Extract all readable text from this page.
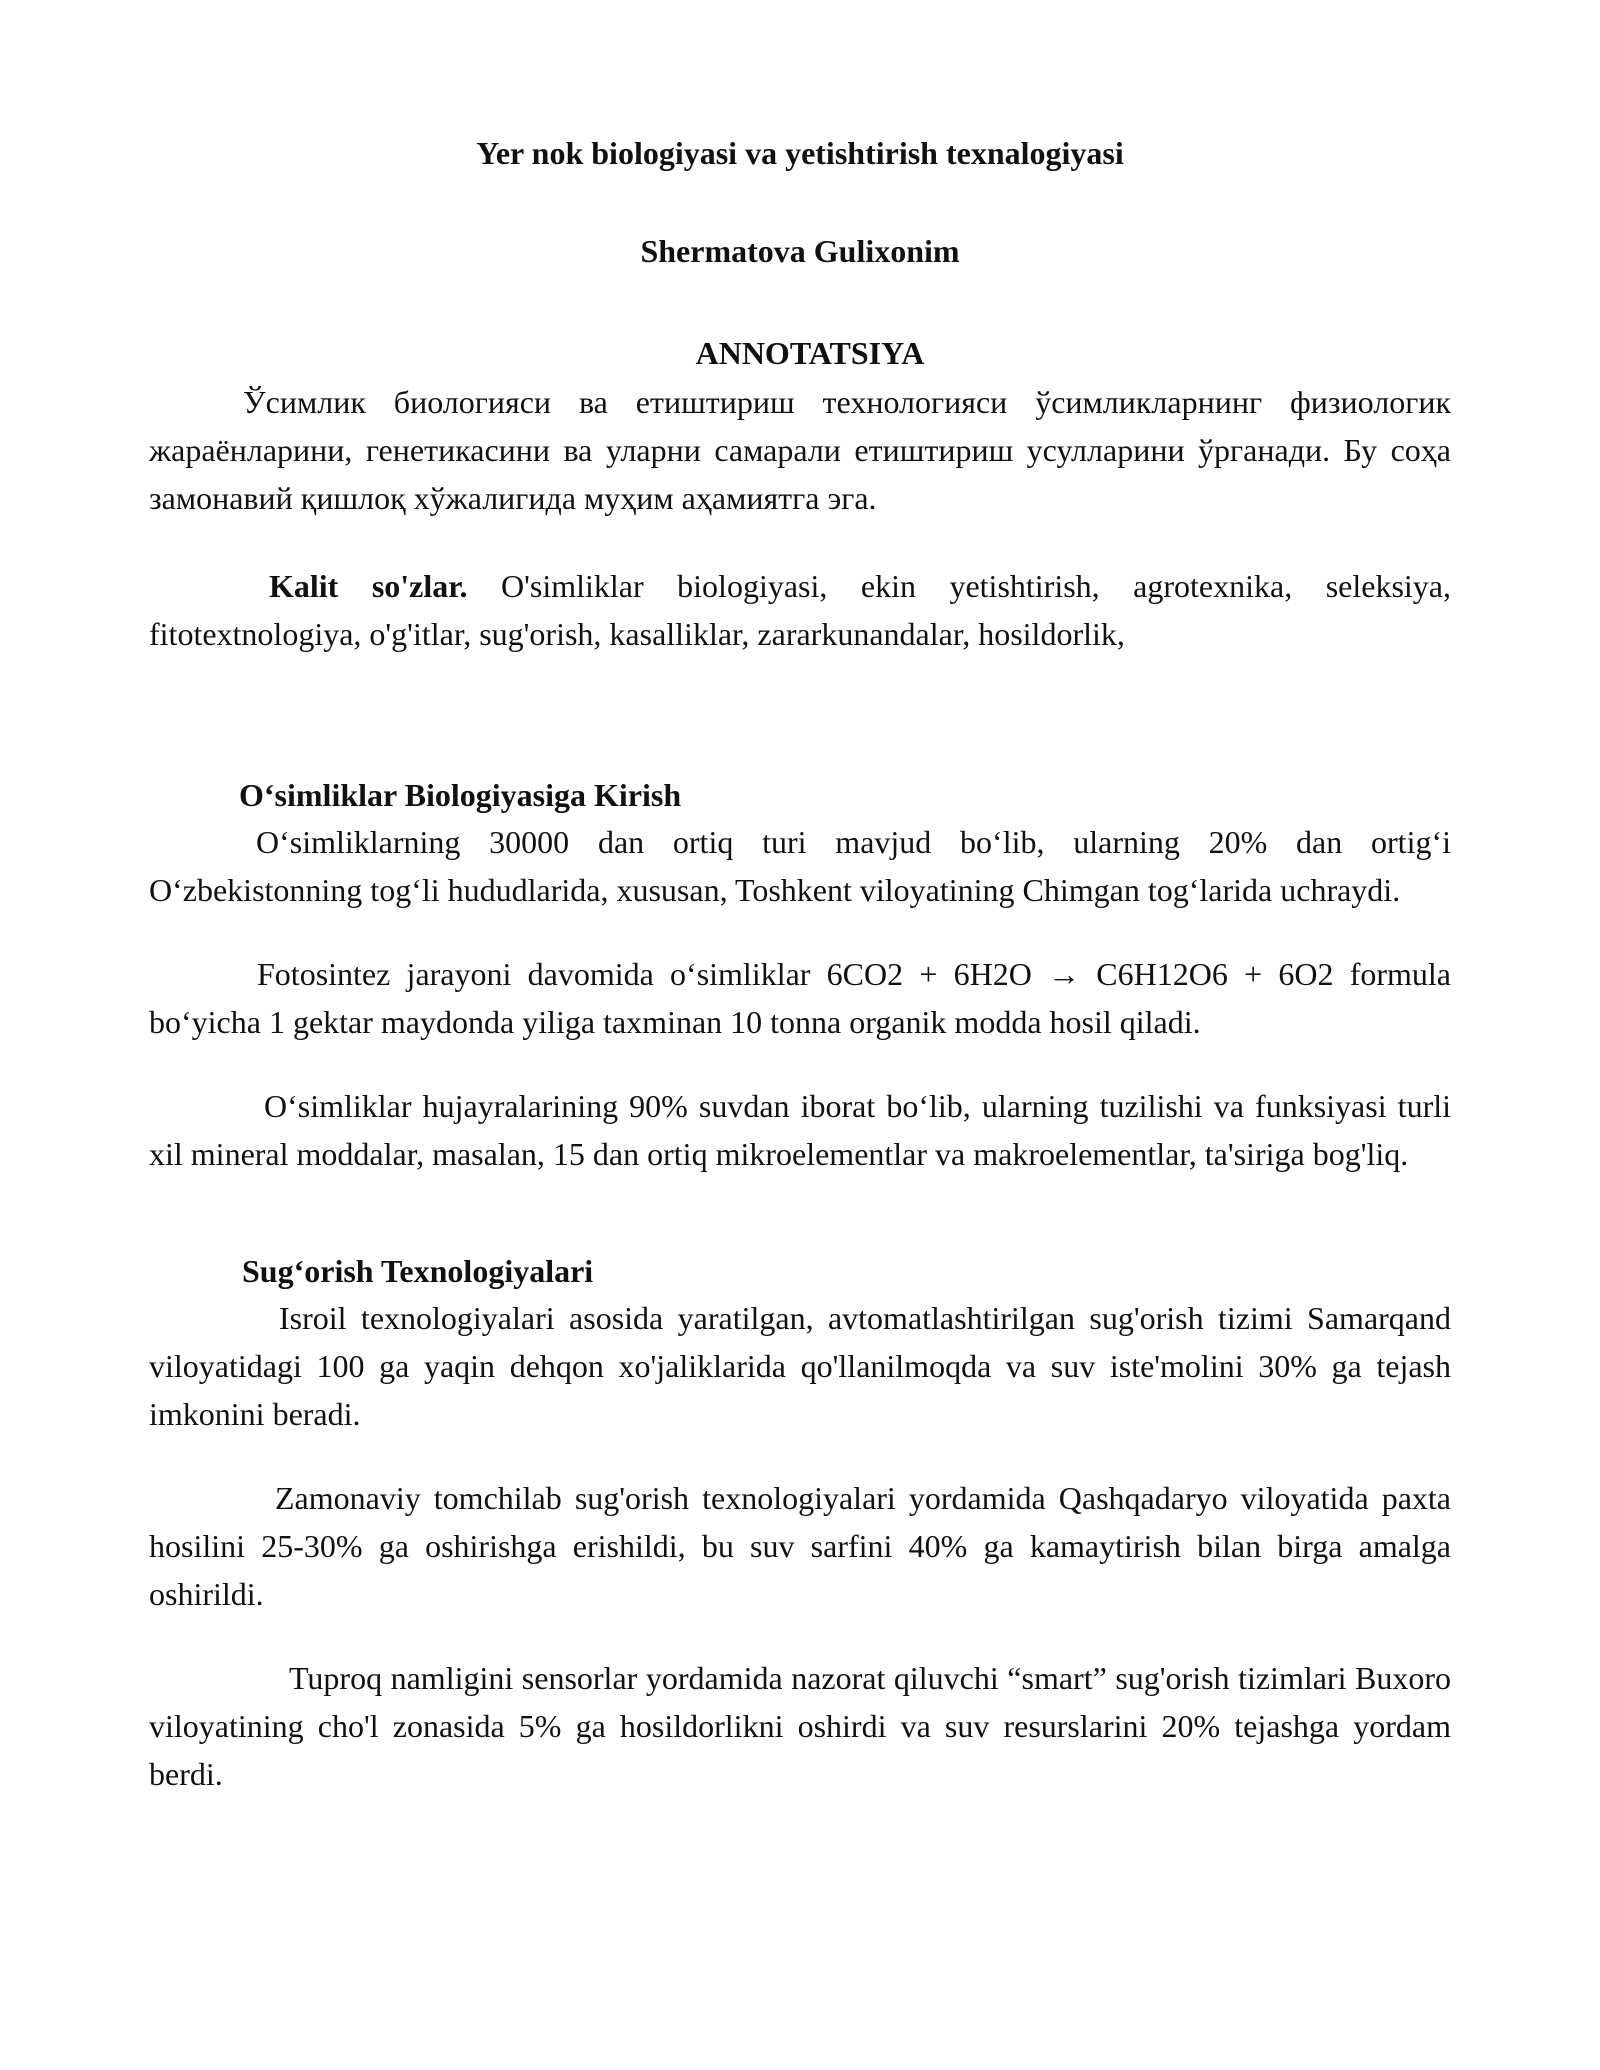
Yer nok biologiyasi va yetishtirish texnalogiyasi
Shermatova Gulixonim
ANNOTATSIYA

Ўсимлик биологияси ва етиштириш технологияси ўсимликларнинг физиологик жараёнларини, генетикасини ва уларни самарали етиштириш усулларини ўрганади. Бу соҳа замонавий қишлоқ хўжалигида муҳим аҳамиятга эга.

Kalit so'zlar. O'simliklar biologiyasi, ekin yetishtirish, agrotexnika, seleksiya, fitotextnologiya, o'g'itlar, sug'orish, kasalliklar, zararkunandalar, hosildorlik,

Oʻsimliklar Biologiyasiga Kirish

Oʻsimliklarning 30000 dan ortiq turi mavjud boʻlib, ularning 20% dan ortigʻi Oʻzbekistonning togʻli hududlarida, xususan, Toshkent viloyatining Chimgan togʻlarida uchraydi.

Fotosintez jarayoni davomida oʻsimliklar 6CO2 + 6H2O → C6H12O6 + 6O2 formula boʻyicha 1 gektar maydonda yiliga taxminan 10 tonna organik modda hosil qiladi.

Oʻsimliklar hujayralarining 90% suvdan iborat boʻlib, ularning tuzilishi va funksiyasi turli xil mineral moddalar, masalan, 15 dan ortiq mikroelementlar va makroelementlar, ta'siriga bog'liq.

Sugʻorish Texnologiyalari

Isroil texnologiyalari asosida yaratilgan, avtomatlashtirilgan sug'orish tizimi Samarqand viloyatidagi 100 ga yaqin dehqon xo'jaliklarida qo'llanilmoqda va suv iste'molini 30% ga tejash imkonini beradi.

Zamonaviy tomchilab sug'orish texnologiyalari yordamida Qashqadaryo viloyatida paxta hosilini 25-30% ga oshirishga erishildi, bu suv sarfini 40% ga kamaytirish bilan birga amalga oshirildi.

Tuproq namligini sensorlar yordamida nazorat qiluvchi “smart” sug'orish tizimlari Buxoro viloyatining cho'l zonasida 5% ga hosildorlikni oshirdi va suv resurslarini 20% tejashga yordam berdi.
